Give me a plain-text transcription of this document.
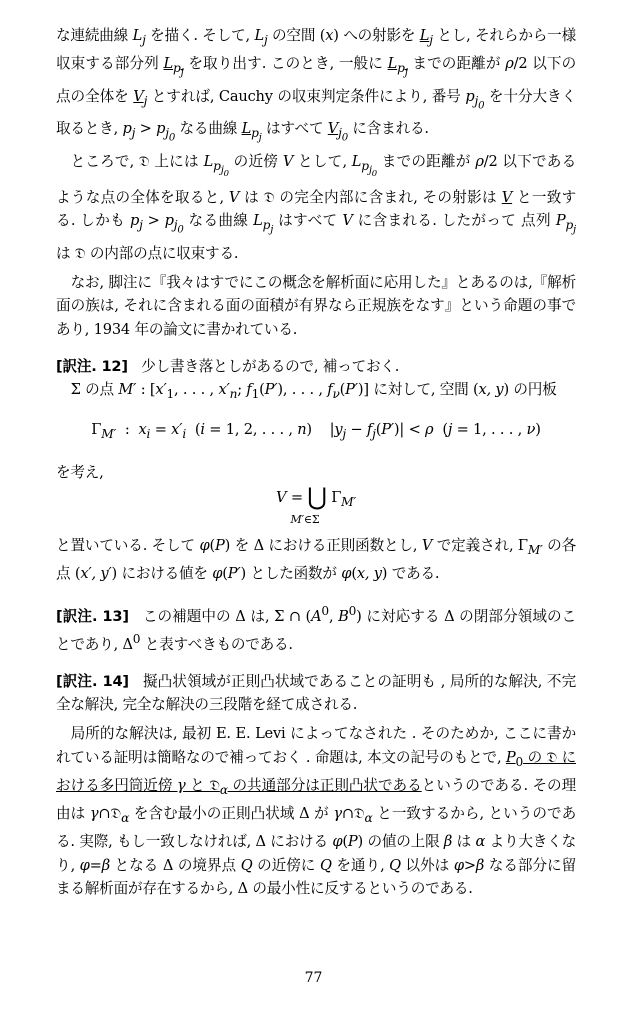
な連続曲線 $L_j$ を描く. そして, $L_j$ の空間 (x) への射影を $L_j$ とし, それらから一様収束する部分列 $L_{p_j}$ を取り出す. このとき, 一般に $L_{p_j}$ までの距離が ρ/2 以下の点の全体を $V_j$ とすれば, Cauchy の収束判定条件により, 番号 $p_{j_0}$ を十分大きく取るとき, $p_j > p_{j_0}$ なる曲線 $L_{p_j}$ はすべて $V_{j_0}$ に含まれる.

ところで, 𝔇 上には $L_{p_{j_0}}$ の近傍 V として, $L_{p_{j_0}}$ までの距離が ρ/2 以下であるような点の全体を取ると, V は 𝔇 の完全内部に含まれ, その射影は V と一致する. しかも $p_j > p_{j_0}$ なる曲線 $L_{p_j}$ はすべて V に含まれる. したがって 点列 $P_{p_j}$ は 𝔇 の内部の点に収束する.

なお, 脚注に『我々はすでにこの概念を解析面に応用した』とあるのは,『解析面の族は, それに含まれる面の面積が有界なら正規族をなす』という命題の事であり, 1934 年の論文に書かれている.

[訳注. 12] 少し書き落としがあるので, 補っておく.

Σ の点 M′ : [$x'_1$, . . . , $x'_n$; $f_1(P')$, . . . , $f_\nu(P')$] に対して, 空間 (x, y) の円板

$\Gamma_{M'}$  :  $x_i = x'_i$  (i = 1, 2, . . . , n)    $|y_j - f_j(P')| < \rho$  (j = 1, . . . , ν)

を考え,

V = ⋃ $\Gamma_{M'}$

M′∈Σ

と置いている. そして φ(P) を Δ における正則函数とし, V で定義され, $\Gamma_{M'}$ の各点 (x′, y′) における値を φ(P′) とした函数が φ(x, y) である.

[訳注. 13]   この補題中の Δ は, Σ ∩ ($A^0$, $B^0$) に対応する Δ の閉部分領域のことであり, $\Delta^0$ と表すべきものである.

[訳注. 14] 擬凸状領域が正則凸状域であることの証明も , 局所的な解決, 不完全な解決, 完全な解決の三段階を経て成される.

局所的な解決は, 最初 E. E. Levi によってなされた . そのためか, ここに書かれている証明は簡略なので補っておく . 命題は, 本文の記号のもとで, $P_0$ の 𝔇 における多円筒近傍 γ と 𝔇$_\alpha$ の共通部分は正則凸状であるというのである. その理由は γ∩𝔇$_\alpha$ を含む最小の正則凸状域 Δ が γ∩𝔇$_\alpha$ と一致するから, というのである. 実際, もし一致しなければ, Δ における φ(P) の値の上限 β は α より大きくなり, φ=β となる Δ の境界点 Q の近傍に Q を通り, Q 以外は φ>β なる部分に留まる解析面が存在するから, Δ の最小性に反するというのである.

77
